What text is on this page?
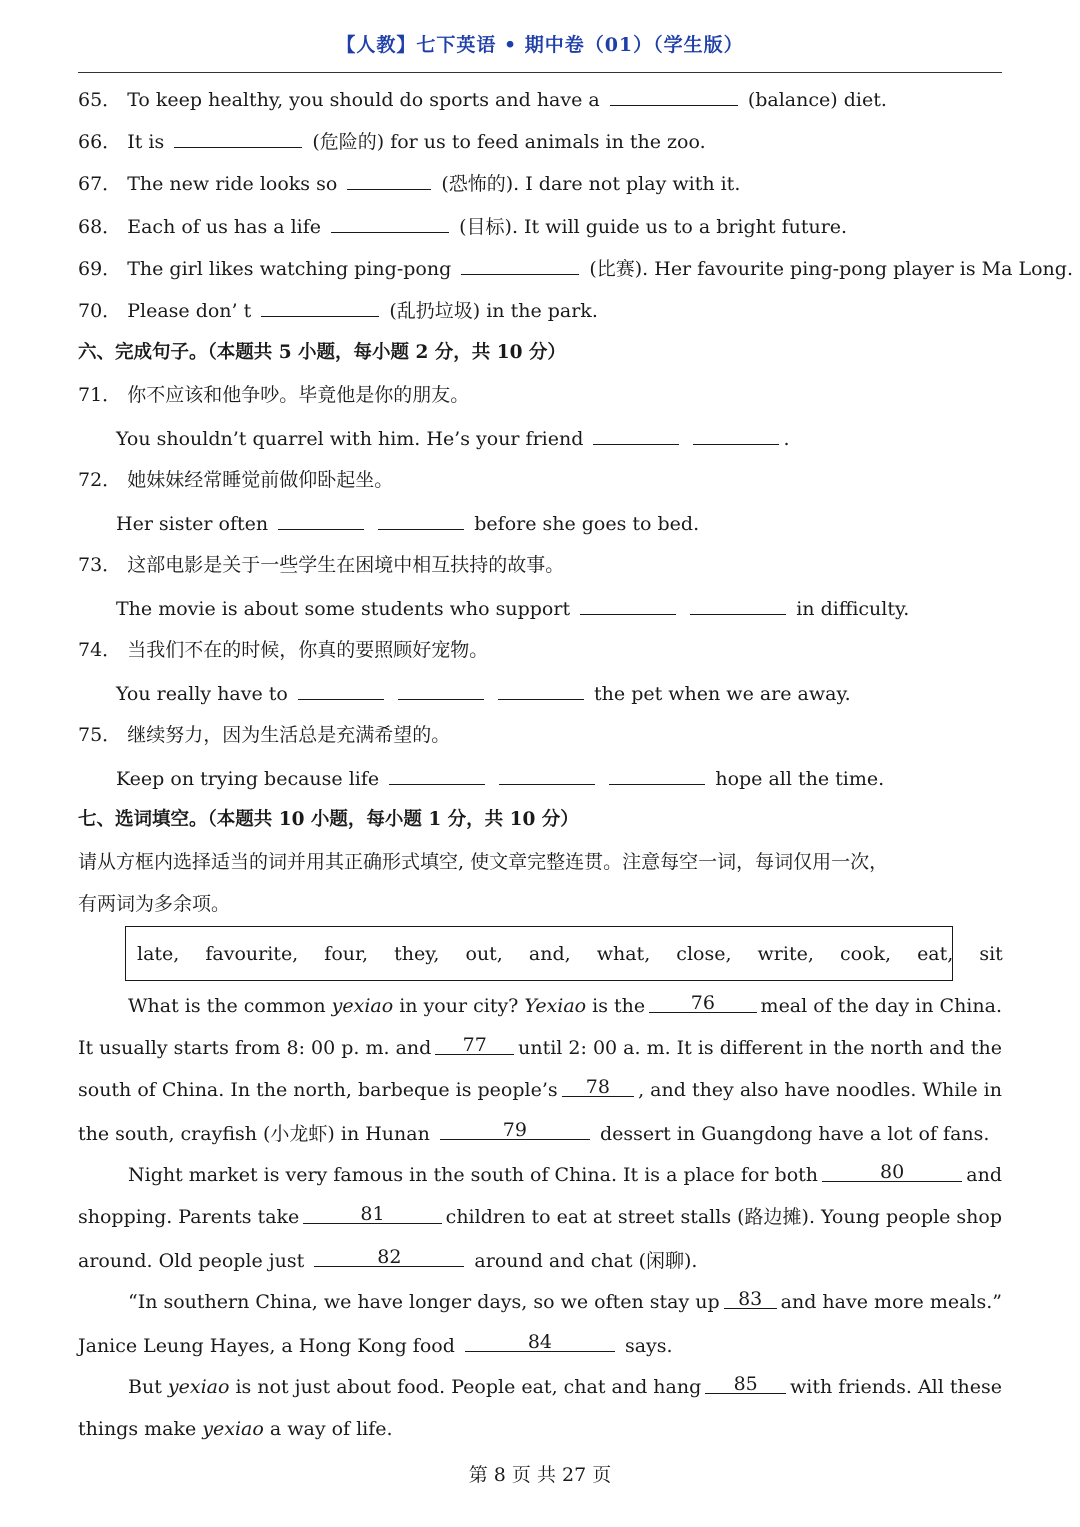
【人教】七下英语 • 期中卷（01）（学生版）
65． To keep healthy, you should do sports and have a	(balance) diet.
66． It is	(危险的) for us to feed animals in the zoo.
67． The new ride looks so	(恐怖的). I dare not play with it.
68． Each of us has a life	(目标). It will guide us to a bright future.
69． The girl likes watching ping-pong	(比赛). Her favourite ping-pong player is Ma Long.
70． Please don’ t	(乱扔垃圾) in the park.
六、完成句子。（本题共 5 小题，每小题 2 分，共 10 分）
71． 你不应该和他争吵。毕竟他是你的朋友。
You shouldn’t quarrel with him. He’s your friend	.
72． 她妹妹经常睡觉前做仰卧起坐。
Her sister often	before she goes to bed.
73． 这部电影是关于一些学生在困境中相互扶持的故事。
The movie is about some students who support	in difficulty.
74． 当我们不在的时候，你真的要照顾好宠物。
You really have to	the pet when we are away.
75． 继续努力，因为生活总是充满希望的。
Keep on trying because life	hope all the time.
七、选词填空。（本题共 10 小题，每小题 1 分，共 10 分）
请从方框内选择适当的词并用其正确形式填空, 使文章完整连贯。注意每空一词，每词仅用一次，
有两词为多余项。
late, favourite, four, they, out, and, what, close, write, cook, eat, sit
What is the common yexiao in your city? Yexiao is the	76	meal of the day in China.
It usually starts from 8: 00 p. m. and	77	until 2: 00 a. m. It is different in the north and the
south of China. In the north, barbeque is people’s	78	, and they also have noodles. While in
the south, crayfish (小龙虾) in Hunan	79	dessert in Guangdong have a lot of fans.
Night market is very famous in the south of China. It is a place for both	80	and
shopping. Parents take	81	children to eat at street stalls (路边摊). Young people shop
around. Old people just	82	around and chat (闲聊).
“In southern China, we have longer days, so we often stay up 83 and have more meals.”
Janice Leung Hayes, a Hong Kong food	84	says.
But yexiao is not just about food. People eat, chat and hang	85	with friends. All these
things make yexiao a way of life.
第 8 页 共 27 页
